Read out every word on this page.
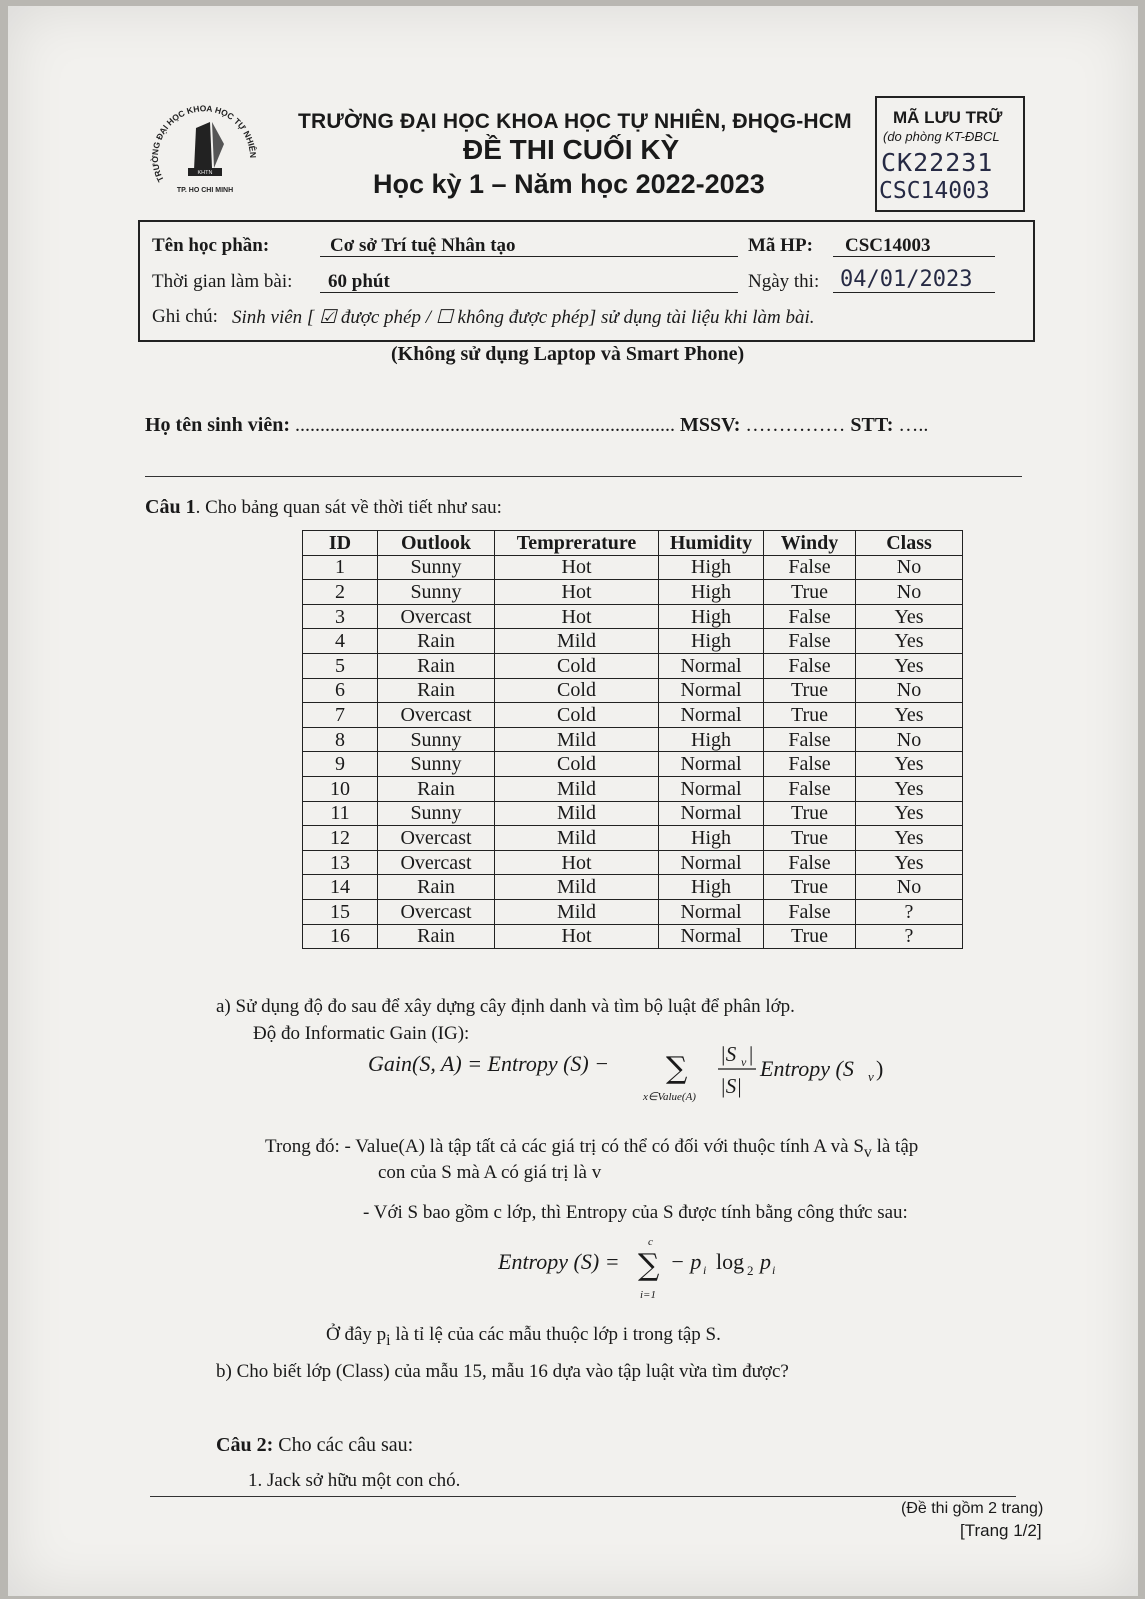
TRƯỜNG ĐẠI HỌC KHOA HỌC TỰ NHIÊN
KHTN
TP. HO CHI MINH
TRƯỜNG ĐẠI HỌC KHOA HỌC TỰ NHIÊN, ĐHQG-HCM
ĐỀ THI CUỐI KỲ
Học kỳ 1 – Năm học 2022-2023
MÃ LƯU TRỮ
(do phòng KT-ĐBCL
CK22231
CSC14003
Tên học phần:	Cơ sở Trí tuệ Nhân tạo	Mã HP: CSC14003
Thời gian làm bài: 60 phút	Ngày thi: 04/01/2023
Ghi chú: Sinh viên [ ☑ được phép / ☐ không được phép] sử dụng tài liệu khi làm bài.
(Không sử dụng Laptop và Smart Phone)
Họ tên sinh viên: ............................................................................ MSSV: …………… STT: …..
Câu 1. Cho bảng quan sát về thời tiết như sau:
ID	Outlook	Temprerature	Humidity	Windy	Class
1	Sunny	Hot	High	False	No
2	Sunny	Hot	High	True	No
3	Overcast	Hot	High	False	Yes
4	Rain	Mild	High	False	Yes
5	Rain	Cold	Normal	False	Yes
6	Rain	Cold	Normal	True	No
7	Overcast	Cold	Normal	True	Yes
8	Sunny	Mild	High	False	No
9	Sunny	Cold	Normal	False	Yes
10	Rain	Mild	Normal	False	Yes
11	Sunny	Mild	Normal	True	Yes
12	Overcast	Mild	High	True	Yes
13	Overcast	Hot	Normal	False	Yes
14	Rain	Mild	High	True	No
15	Overcast	Mild	Normal	False	?
16	Rain	Hot	Normal	True	?
a) Sử dụng độ đo sau để xây dựng cây định danh và tìm bộ luật để phân lớp.
Độ đo Informatic Gain (IG):
Gain(S, A) = Entropy (S) − ∑
x∈Value(A)
|S v |
|S|
Entropy (S v )
Trong đó: - Value(A) là tập tất cả các giá trị có thể có đối với thuộc tính A và $S_v$ là tập
con của S mà A có giá trị là v
- Với S bao gồm c lớp, thì Entropy của S được tính bằng công thức sau:
Entropy (S) =
c
∑
i=1
− p i log 2 p i
Ở đây $p_i$ là tỉ lệ của các mẫu thuộc lớp i trong tập S.
b) Cho biết lớp (Class) của mẫu 15, mẫu 16 dựa vào tập luật vừa tìm được?
Câu 2: Cho các câu sau:
1. Jack sở hữu một con chó.
(Đề thi gồm 2 trang)
[Trang 1/2]
